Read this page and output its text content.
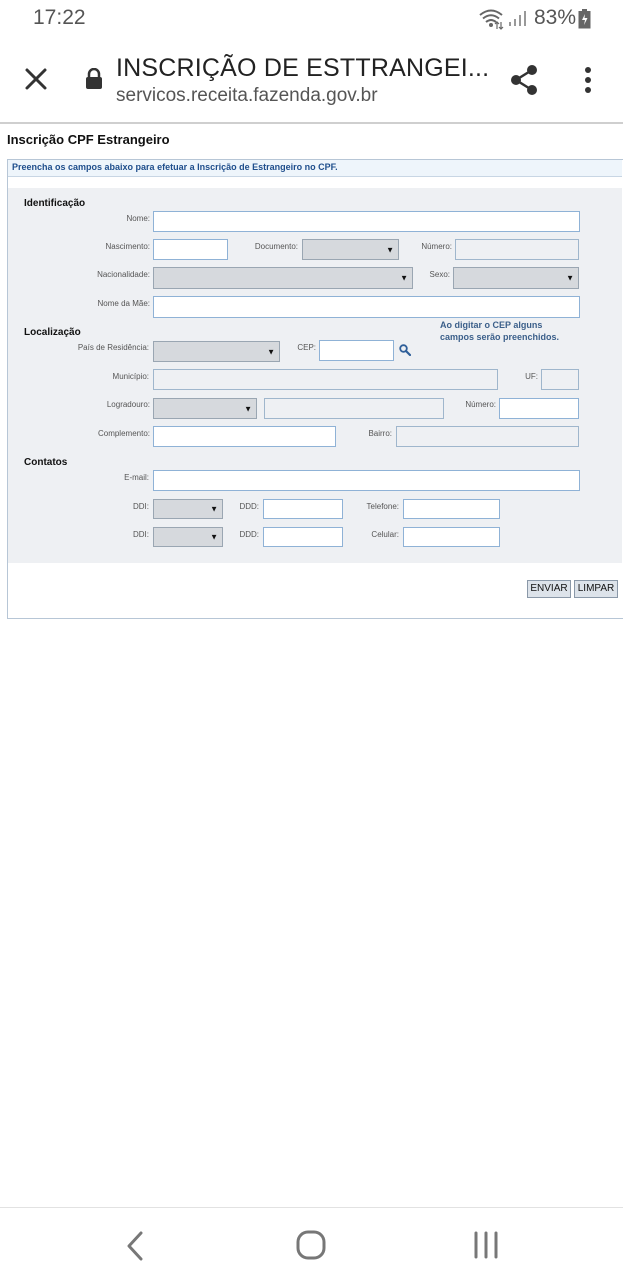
17:22	83%
INSCRIÇÃO DE ESTTRANGEI...
servicos.receita.fazenda.gov.br
Inscrição CPF Estrangeiro
Preencha os campos abaixo para efetuar a Inscrição de Estrangeiro no CPF.
Identificação
Nome:
Nascimento:	Documento:	▼	Número:
Nacionalidade:	▼	Sexo:	▼
Nome da Mãe:
Localização
Ao digitar o CEP alguns
campos serão preenchidos.
País de Residência:	▼	CEP:
Município:	UF:
Logradouro:	▼	Número:
Complemento:	Bairro:
Contatos
E-mail:
DDI:	▼	DDD:	Telefone:
DDI:	▼	DDD:	Celular:
ENVIAR	LIMPAR
